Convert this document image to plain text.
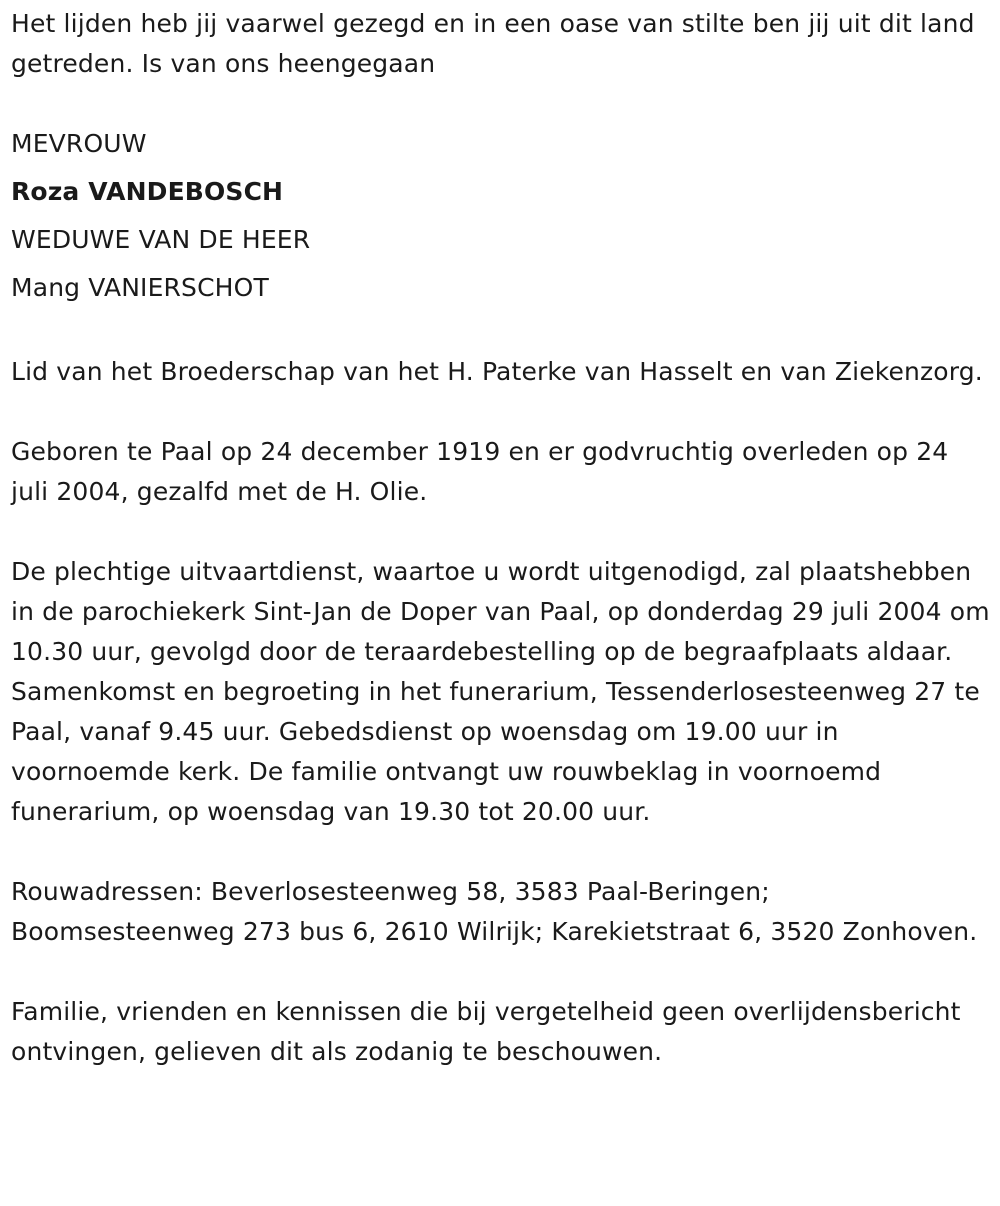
Het lijden heb jij vaarwel gezegd en in een oase van stilte ben jij uit dit land getreden. Is van ons heengegaan

MEVROUW
Roza VANDEBOSCH
WEDUWE VAN DE HEER
Mang VANIERSCHOT

Lid van het Broederschap van het H. Paterke van Hasselt en van Ziekenzorg.

Geboren te Paal op 24 december 1919 en er godvruchtig overleden op 24 juli 2004, gezalfd met de H. Olie.

De plechtige uitvaartdienst, waartoe u wordt uitgenodigd, zal plaatshebben in de parochiekerk Sint-Jan de Doper van Paal, op donderdag 29 juli 2004 om 10.30 uur, gevolgd door de teraardebestelling op de begraafplaats aldaar. Samenkomst en begroeting in het funerarium, Tessenderlosesteenweg 27 te Paal, vanaf 9.45 uur. Gebedsdienst op woensdag om 19.00 uur in voornoemde kerk. De familie ontvangt uw rouwbeklag in voornoemd funerarium, op woensdag van 19.30 tot 20.00 uur.

Rouwadressen: Beverlosesteenweg 58, 3583 Paal-Beringen; Boomsesteenweg 273 bus 6, 2610 Wilrijk; Karekietstraat 6, 3520 Zonhoven.

Familie, vrienden en kennissen die bij vergetelheid geen overlijdensbericht ontvingen, gelieven dit als zodanig te beschouwen.
